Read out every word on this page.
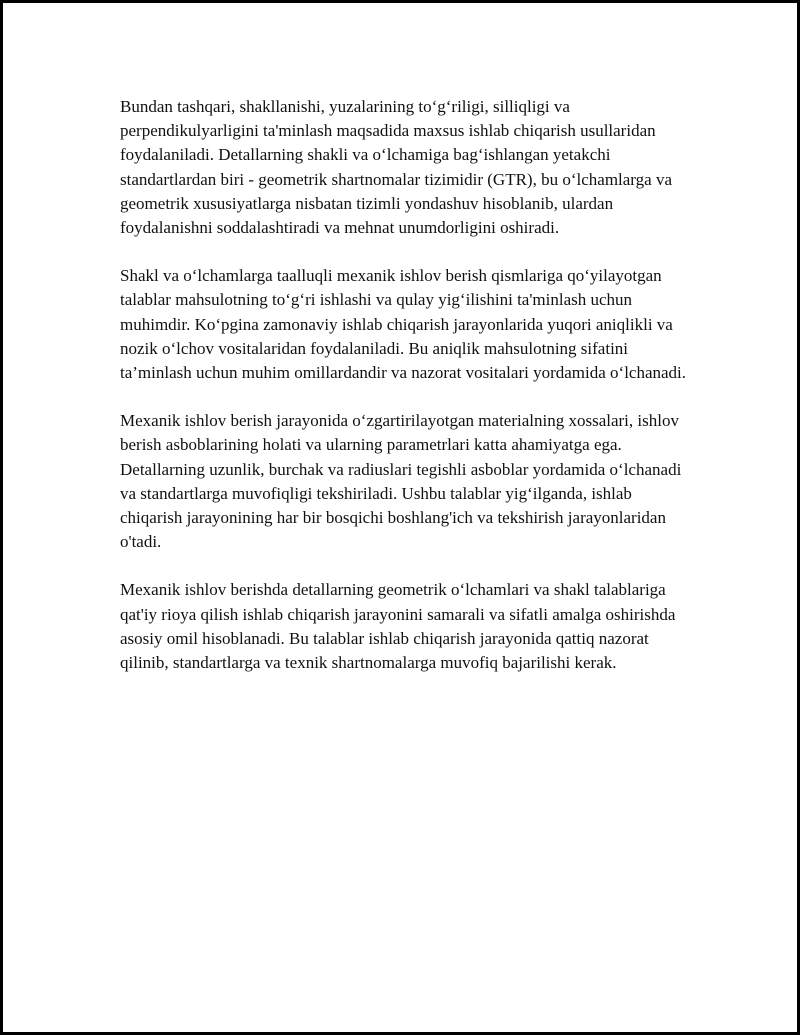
Bundan tashqari, shakllanishi, yuzalarining to‘g‘riligi, silliqligi va perpendikulyarligini ta'minlash maqsadida maxsus ishlab chiqarish usullaridan foydalaniladi. Detallarning shakli va o‘lchamiga bag‘ishlangan yetakchi standartlardan biri - geometrik shartnomalar tizimidir (GTR), bu o‘lchamlarga va geometrik xususiyatlarga nisbatan tizimli yondashuv hisoblanib, ulardan foydalanishni soddalashtiradi va mehnat unumdorligini oshiradi.

Shakl va o‘lchamlarga taalluqli mexanik ishlov berish qismlariga qo‘yilayotgan talablar mahsulotning to‘g‘ri ishlashi va qulay yig‘ilishini ta'minlash uchun muhimdir. Ko‘pgina zamonaviy ishlab chiqarish jarayonlarida yuqori aniqlikli va nozik o‘lchov vositalaridan foydalaniladi. Bu aniqlik mahsulotning sifatini ta’minlash uchun muhim omillardandir va nazorat vositalari yordamida o‘lchanadi.

Mexanik ishlov berish jarayonida o‘zgartirilayotgan materialning xossalari, ishlov berish asboblarining holati va ularning parametrlari katta ahamiyatga ega. Detallarning uzunlik, burchak va radiuslari tegishli asboblar yordamida o‘lchanadi va standartlarga muvofiqligi tekshiriladi. Ushbu talablar yig‘ilganda, ishlab chiqarish jarayonining har bir bosqichi boshlang'ich va tekshirish jarayonlaridan o'tadi.

Mexanik ishlov berishda detallarning geometrik o‘lchamlari va shakl talablariga qat'iy rioya qilish ishlab chiqarish jarayonini samarali va sifatli amalga oshirishda asosiy omil hisoblanadi. Bu talablar ishlab chiqarish jarayonida qattiq nazorat qilinib, standartlarga va texnik shartnomalarga muvofiq bajarilishi kerak.
